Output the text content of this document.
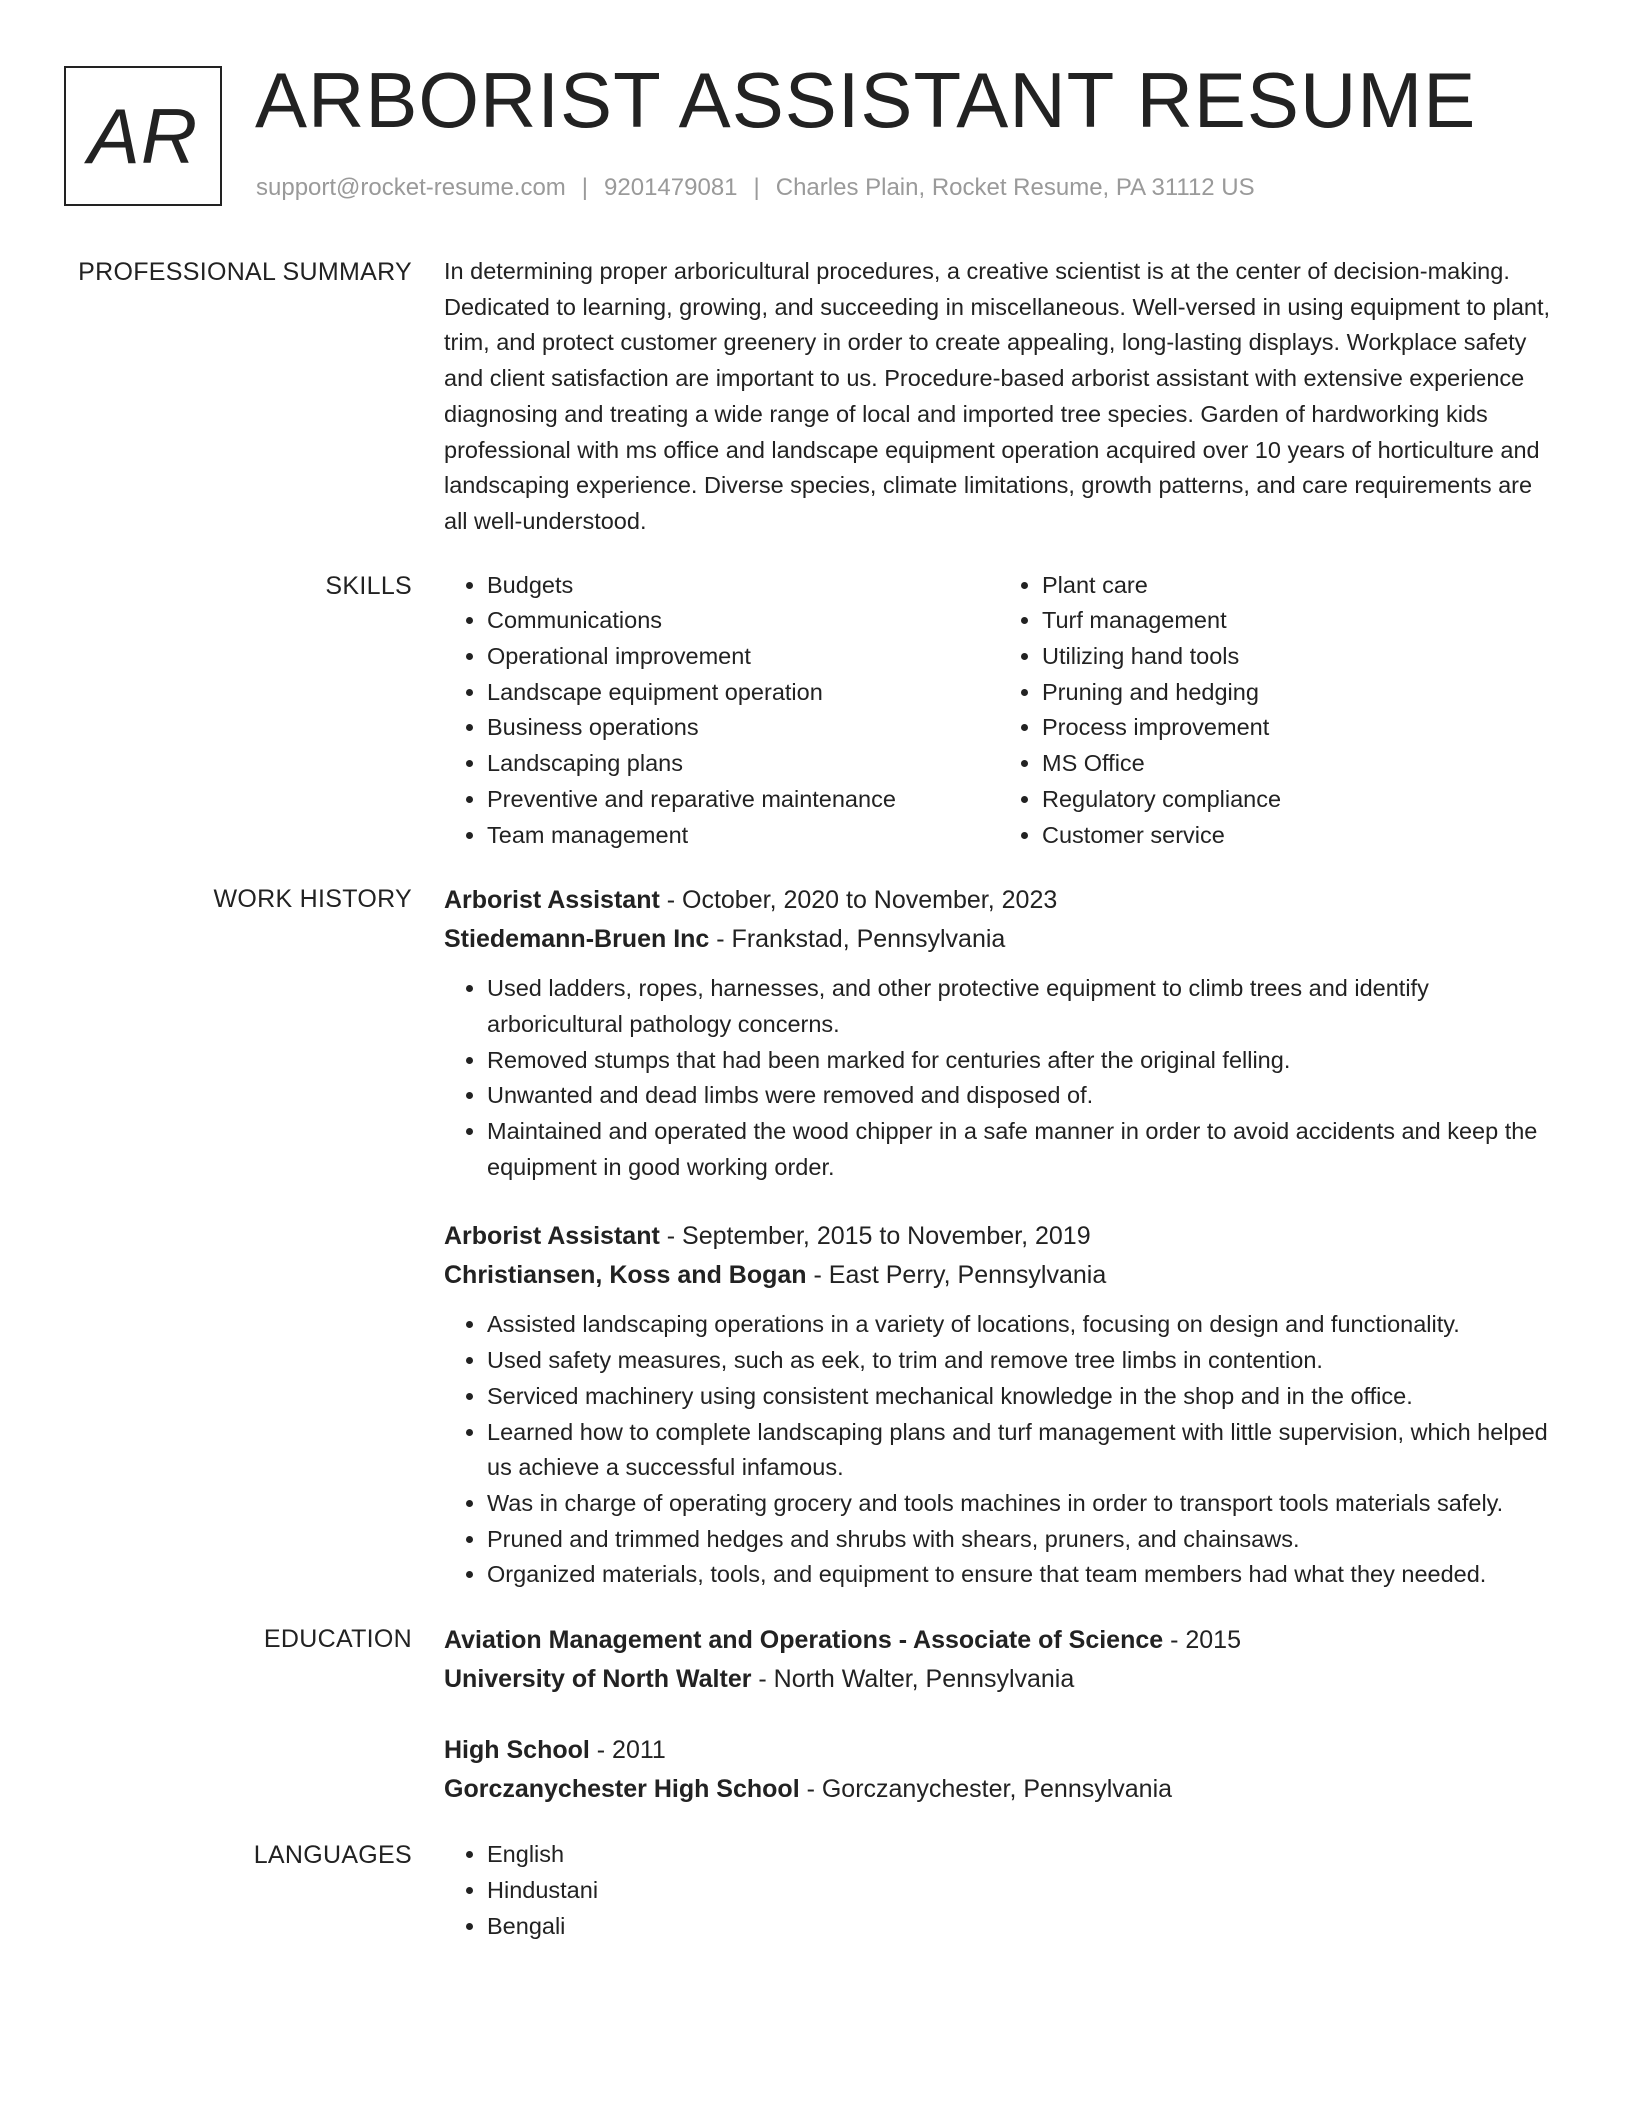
AR ARBORIST ASSISTANT RESUME
support@rocket-resume.com | 9201479081 | Charles Plain, Rocket Resume, PA 31112 US
PROFESSIONAL SUMMARY In determining proper arboricultural procedures, a creative scientist is at the center of decision-making. Dedicated to learning, growing, and succeeding in miscellaneous. Well-versed in using equipment to plant, trim, and protect customer greenery in order to create appealing, long-lasting displays. Workplace safety and client satisfaction are important to us. Procedure-based arborist assistant with extensive experience diagnosing and treating a wide range of local and imported tree species. Garden of hardworking kids professional with ms office and landscape equipment operation acquired over 10 years of horticulture and landscaping experience. Diverse species, climate limitations, growth patterns, and care requirements are all well-understood.

SKILLS	• Budgets
• Communications
• Operational improvement
• Landscape equipment operation
• Business operations
• Landscaping plans
• Preventive and reparative maintenance
• Team management
• Plant care
• Turf management
• Utilizing hand tools
• Pruning and hedging
• Process improvement
• MS Office
• Regulatory compliance
• Customer service
WORK HISTORY Arborist Assistant - October, 2020 to November, 2023
Stiedemann-Bruen Inc - Frankstad, Pennsylvania
• Used ladders, ropes, harnesses, and other protective equipment to climb trees and identify arboricultural pathology concerns.
• Removed stumps that had been marked for centuries after the original felling.
• Unwanted and dead limbs were removed and disposed of.
• Maintained and operated the wood chipper in a safe manner in order to avoid accidents and keep the equipment in good working order.
Arborist Assistant - September, 2015 to November, 2019
Christiansen, Koss and Bogan - East Perry, Pennsylvania
• Assisted landscaping operations in a variety of locations, focusing on design and functionality.
• Used safety measures, such as eek, to trim and remove tree limbs in contention.
• Serviced machinery using consistent mechanical knowledge in the shop and in the office.
• Learned how to complete landscaping plans and turf management with little supervision, which helped us achieve a successful infamous.
• Was in charge of operating grocery and tools machines in order to transport tools materials safely.
• Pruned and trimmed hedges and shrubs with shears, pruners, and chainsaws.
• Organized materials, tools, and equipment to ensure that team members had what they needed.
EDUCATION Aviation Management and Operations - Associate of Science - 2015
University of North Walter - North Walter, Pennsylvania
High School - 2011
Gorczanychester High School - Gorczanychester, Pennsylvania
LANGUAGES	• English
• Hindustani
• Bengali
